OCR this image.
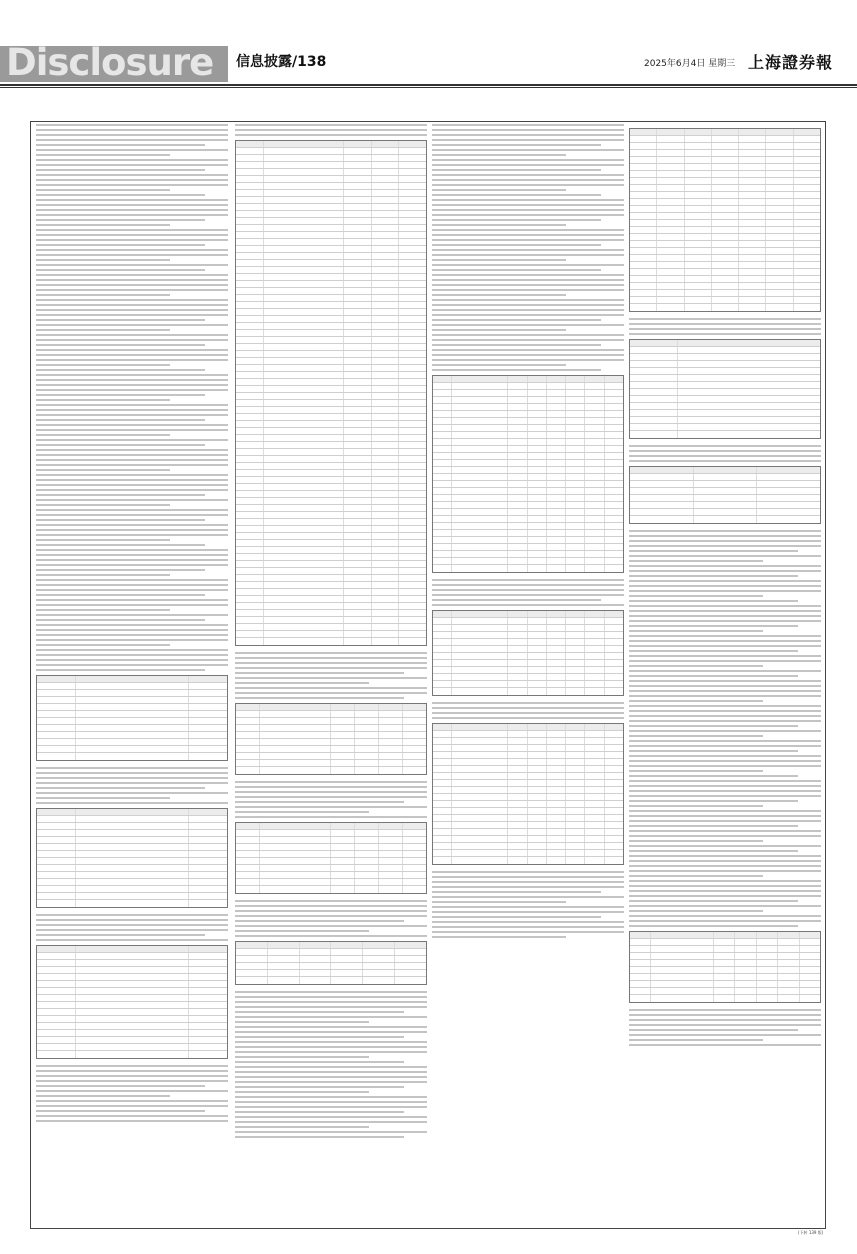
Disclosure 信息披露/138	2025年6月4日 星期三 上海證券報
(下转 139 版)
